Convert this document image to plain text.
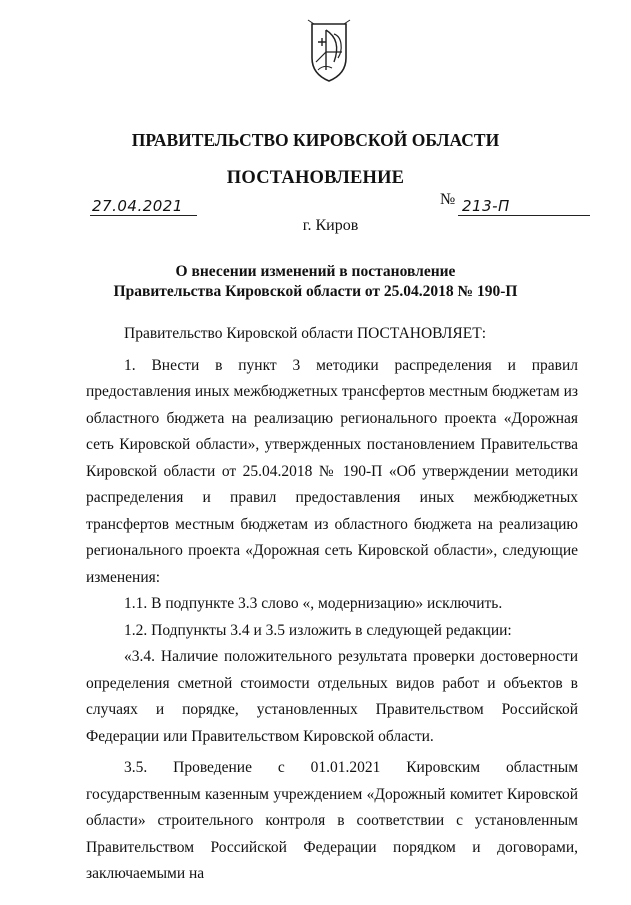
ПРАВИТЕЛЬСТВО КИРОВСКОЙ ОБЛАСТИ
ПОСТАНОВЛЕНИЕ
27.04.2021	№ 213-П
г. Киров
О внесении изменений в постановление
Правительства Кировской области от 25.04.2018 № 190-П

Правительство Кировской области ПОСТАНОВЛЯЕТ:

1. Внести в пункт 3 методики распределения и правил предоставления иных межбюджетных трансфертов местным бюджетам из областного бюджета на реализацию регионального проекта «Дорожная сеть Кировской области», утвержденных постановлением Правительства Кировской области от 25.04.2018 № 190-П «Об утверждении методики распределения и правил предоставления иных межбюджетных трансфертов местным бюджетам из областного бюджета на реализацию регионального проекта «Дорожная сеть Кировской области», следующие изменения:

1.1. В подпункте 3.3 слово «, модернизацию» исключить.

1.2. Подпункты 3.4 и 3.5 изложить в следующей редакции:

«3.4. Наличие положительного результата проверки достоверности определения сметной стоимости отдельных видов работ и объектов в случаях и порядке, установленных Правительством Российской Федерации или Правительством Кировской области.

3.5. Проведение с 01.01.2021 Кировским областным государственным казенным учреждением «Дорожный комитет Кировской области» строительного контроля в соответствии с установленным Правительством Российской Федерации порядком и договорами, заключаемыми на
